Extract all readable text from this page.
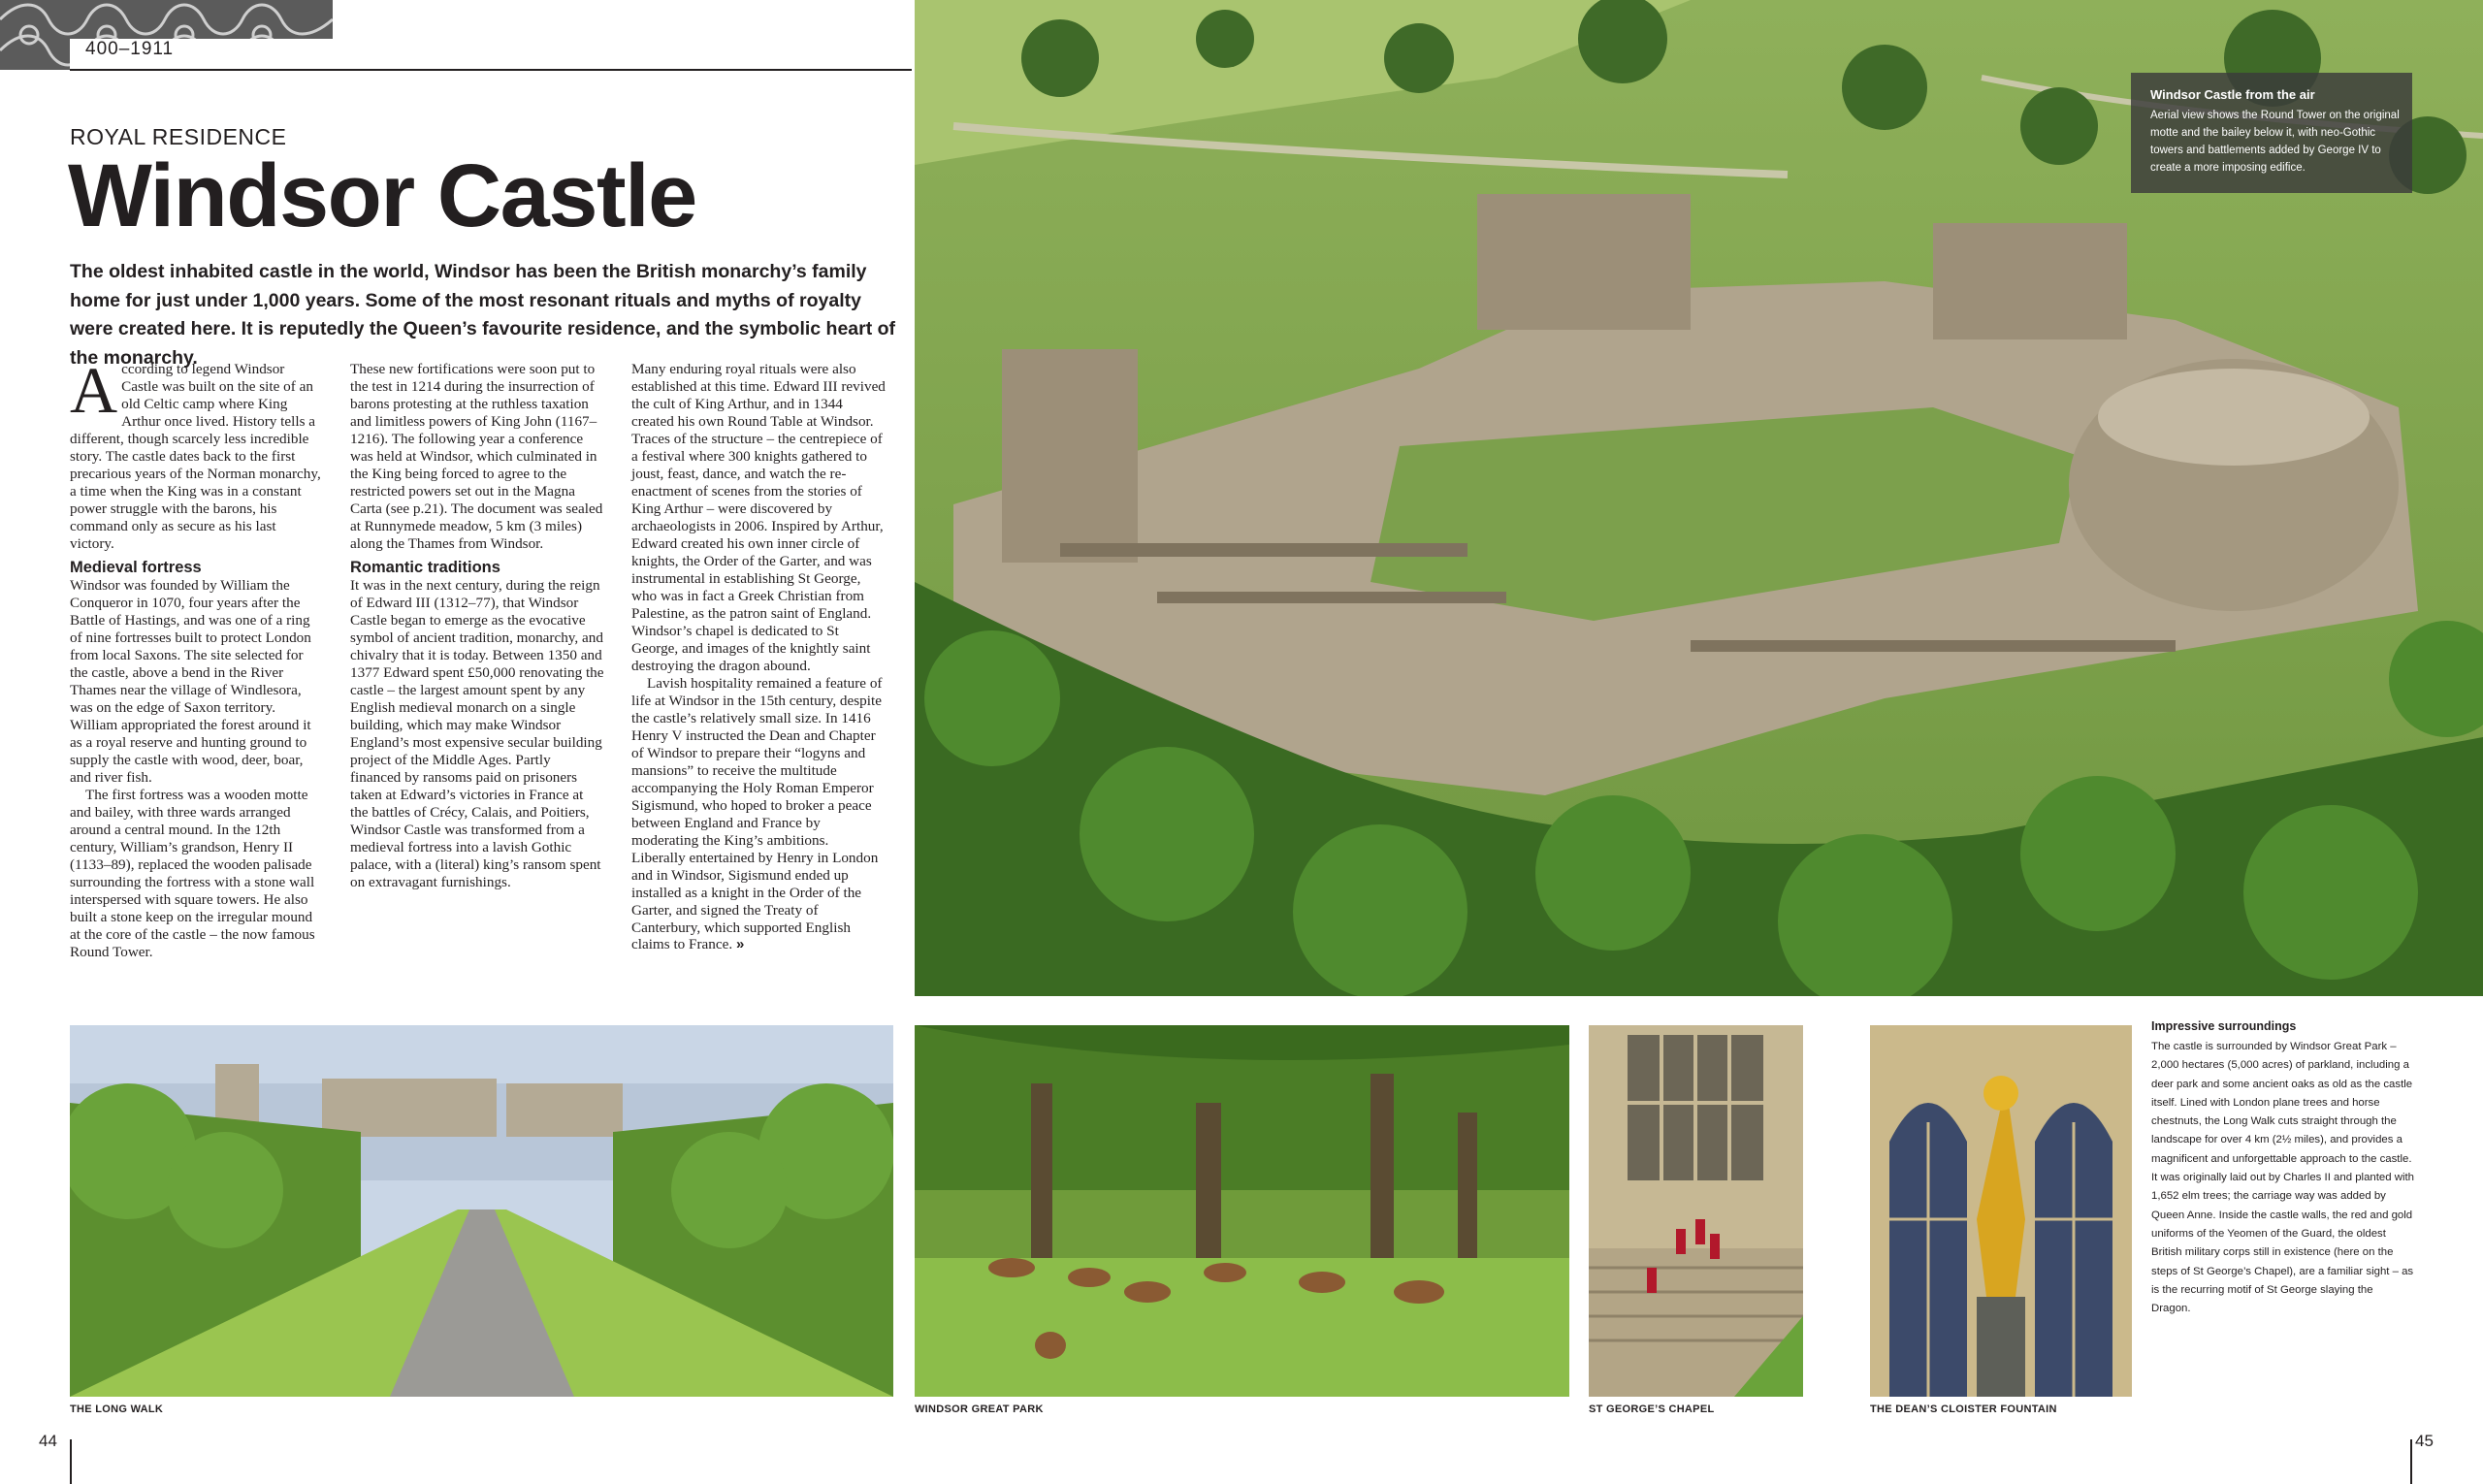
400–1911
ROYAL RESIDENCE
Windsor Castle

The oldest inhabited castle in the world, Windsor has been the British monarchy’s family home for just under 1,000 years. Some of the most resonant rituals and myths of royalty were created here. It is reputedly the Queen’s favourite residence, and the symbolic heart of the monarchy.

According to legend Windsor Castle was built on the site of an old Celtic camp where King Arthur once lived. History tells a different, though scarcely less incredible story. The castle dates back to the first precarious years of the Norman monarchy, a time when the King was in a constant power struggle with the barons, his command only as secure as his last victory.

Medieval fortress

Windsor was founded by William the Conqueror in 1070, four years after the Battle of Hastings, and was one of a ring of nine fortresses built to protect London from local Saxons. The site selected for the castle, above a bend in the River Thames near the village of Windlesora, was on the edge of Saxon territory. William appropriated the forest around it as a royal reserve and hunting ground to supply the castle with wood, deer, boar, and river fish.

The first fortress was a wooden motte and bailey, with three wards arranged around a central mound. In the 12th century, William’s grandson, Henry II (1133–89), replaced the wooden palisade surrounding the fortress with a stone wall interspersed with square towers. He also built a stone keep on the irregular mound at the core of the castle – the now famous Round Tower.

These new fortifications were soon put to the test in 1214 during the insurrection of barons protesting at the ruthless taxation and limitless powers of King John (1167–1216). The following year a conference was held at Windsor, which culminated in the King being forced to agree to the restricted powers set out in the Magna Carta (see p.21). The document was sealed at Runnymede meadow, 5 km (3 miles) along the Thames from Windsor.

Romantic traditions

It was in the next century, during the reign of Edward III (1312–77), that Windsor Castle began to emerge as the evocative symbol of ancient tradition, monarchy, and chivalry that it is today. Between 1350 and 1377 Edward spent £50,000 renovating the castle – the largest amount spent by any English medieval monarch on a single building, which may make Windsor England’s most expensive secular building project of the Middle Ages. Partly financed by ransoms paid on prisoners taken at Edward’s victories in France at the battles of Crécy, Calais, and Poitiers, Windsor Castle was transformed from a medieval fortress into a lavish Gothic palace, with a (literal) king’s ransom spent on extravagant furnishings.

Many enduring royal rituals were also established at this time. Edward III revived the cult of King Arthur, and in 1344 created his own Round Table at Windsor. Traces of the structure – the centrepiece of a festival where 300 knights gathered to joust, feast, dance, and watch the re-enactment of scenes from the stories of King Arthur – were discovered by archaeologists in 2006. Inspired by Arthur, Edward created his own inner circle of knights, the Order of the Garter, and was instrumental in establishing St George, who was in fact a Greek Christian from Palestine, as the patron saint of England. Windsor’s chapel is dedicated to St George, and images of the knightly saint destroying the dragon abound.

Lavish hospitality remained a feature of life at Windsor in the 15th century, despite the castle’s relatively small size. In 1416 Henry V instructed the Dean and Chapter of Windsor to prepare their “logyns and mansions” to receive the multitude accompanying the Holy Roman Emperor Sigismund, who hoped to broker a peace between England and France by moderating the King’s ambitions. Liberally entertained by Henry in London and in Windsor, Sigismund ended up installed as a knight in the Order of the Garter, and signed the Treaty of Canterbury, which supported English claims to France. »

Windsor Castle from the air

Aerial view shows the Round Tower on the original motte and the bailey below it, with neo-Gothic towers and battlements added by George IV to create a more imposing edifice.

THE LONG WALK	WINDSOR GREAT PARK	ST GEORGE’S CHAPEL	THE DEAN’S CLOISTER FOUNTAIN
Impressive surroundings

The castle is surrounded by Windsor Great Park – 2,000 hectares (5,000 acres) of parkland, including a deer park and some ancient oaks as old as the castle itself. Lined with London plane trees and horse chestnuts, the Long Walk cuts straight through the landscape for over 4 km (2½ miles), and provides a magnificent and unforgettable approach to the castle. It was originally laid out by Charles II and planted with 1,652 elm trees; the carriage way was added by Queen Anne. Inside the castle walls, the red and gold uniforms of the Yeomen of the Guard, the oldest British military corps still in existence (here on the steps of St George’s Chapel), are a familiar sight – as is the recurring motif of St George slaying the Dragon.

44	45
